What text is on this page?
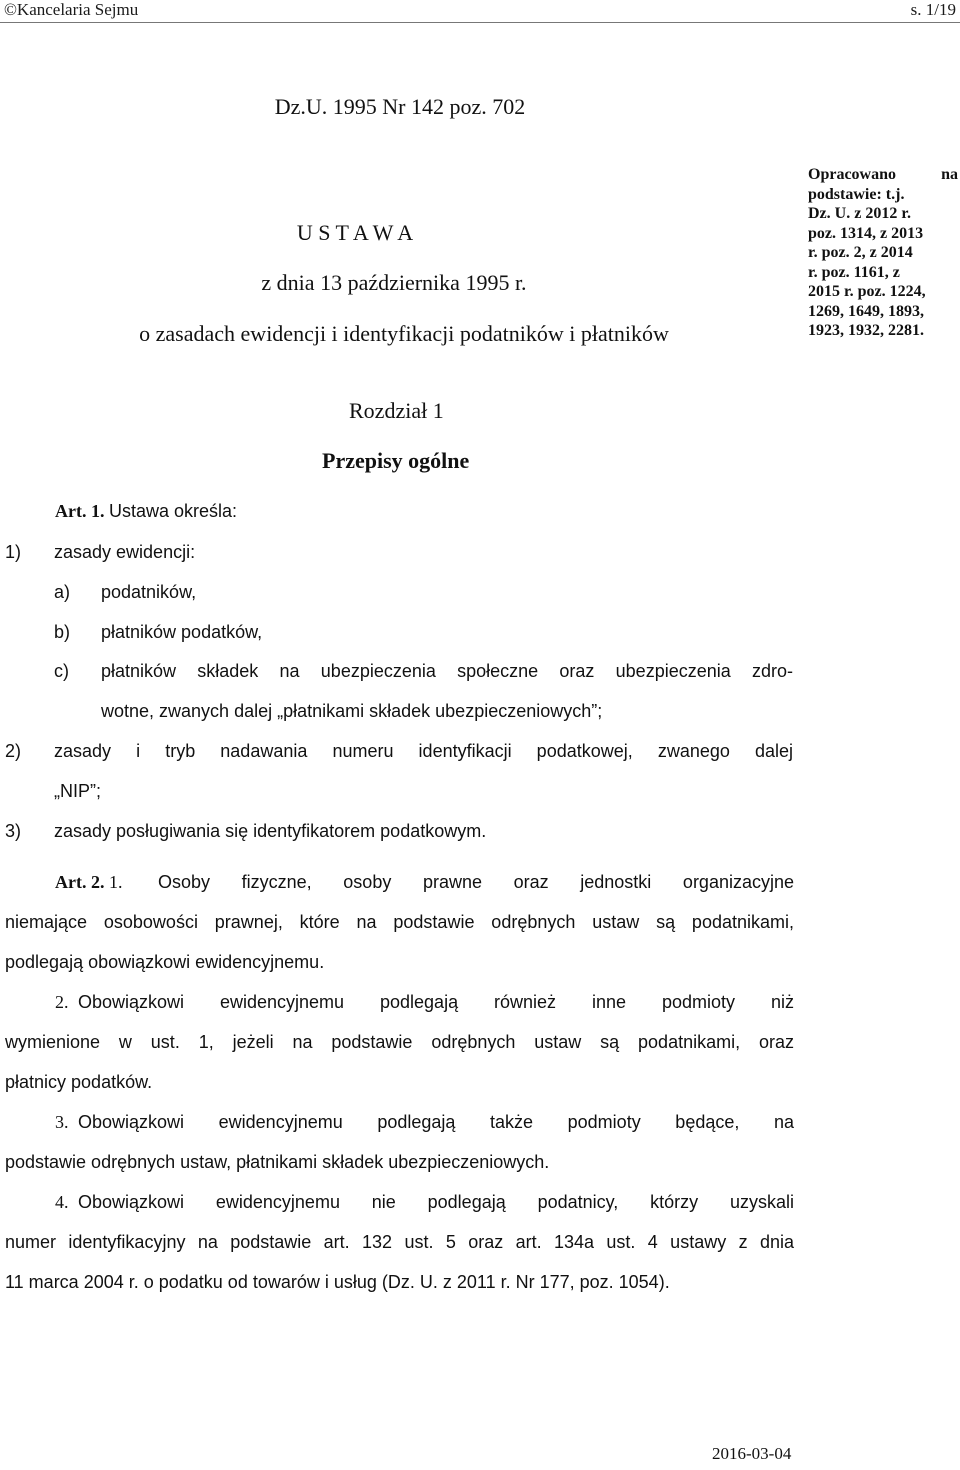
©Kancelaria Sejmu	s. 1/19
Dz.U. 1995 Nr 142 poz. 702
U S T A W A
z dnia 13 października 1995 r.
o zasadach ewidencji i identyfikacji podatników i płatników
Opracowano na podstawie: t.j.
Dz. U. z 2012 r.
poz. 1314, z 2013
r. poz. 2, z 2014
r. poz. 1161, z
2015 r. poz. 1224,
1269, 1649, 1893,
1923, 1932, 2281.
Rozdział 1
Przepisy ogólne
Art. 1. Ustawa określa:
1) zasady ewidencji:
a) podatników,
b) płatników podatków,
c) płatników składek na ubezpieczenia społeczne oraz ubezpieczenia zdro-
wotne, zwanych dalej „płatnikami składek ubezpieczeniowych”;
2) zasady i tryb nadawania numeru identyfikacji podatkowej, zwanego dalej
„NIP”;
3) zasady posługiwania się identyfikatorem podatkowym.
Art. 2. 1. Osoby fizyczne, osoby prawne oraz jednostki organizacyjne
niemające osobowości prawnej, które na podstawie odrębnych ustaw są podatnikami,
podlegają obowiązkowi ewidencyjnemu.
2. Obowiązkowi ewidencyjnemu podlegają również inne podmioty niż
wymienione w ust. 1, jeżeli na podstawie odrębnych ustaw są podatnikami, oraz
płatnicy podatków.
3. Obowiązkowi ewidencyjnemu podlegają także podmioty będące, na
podstawie odrębnych ustaw, płatnikami składek ubezpieczeniowych.
4. Obowiązkowi ewidencyjnemu nie podlegają podatnicy, którzy uzyskali
numer identyfikacyjny na podstawie art. 132 ust. 5 oraz art. 134a ust. 4 ustawy z dnia
11 marca 2004 r. o podatku od towarów i usług (Dz. U. z 2011 r. Nr 177, poz. 1054).
2016-03-04
